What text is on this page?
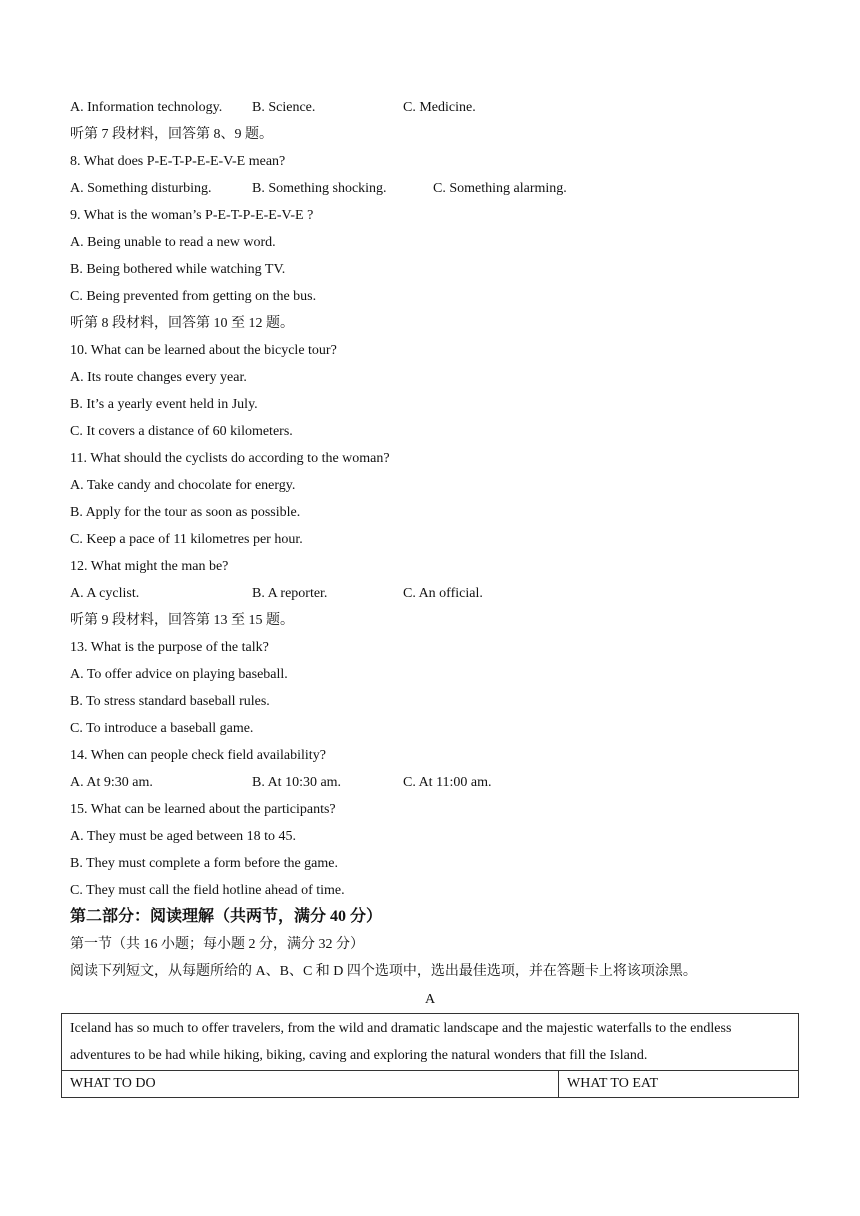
A. Information technology. B. Science.	C. Medicine.
听第 7 段材料，回答第 8、9 题。
8. What does P-E-T-P-E-E-V-E mean?
A. Something disturbing.	B. Something shocking.	C. Something alarming.
9. What is the woman’s P-E-T-P-E-E-V-E ?
A. Being unable to read a new word.
B. Being bothered while watching TV.
C. Being prevented from getting on the bus.
听第 8 段材料，回答第 10 至 12 题。
10. What can be learned about the bicycle tour?
A. Its route changes every year.
B. It’s a yearly event held in July.
C. It covers a distance of 60 kilometers.
11. What should the cyclists do according to the woman?
A. Take candy and chocolate for energy.
B. Apply for the tour as soon as possible.
C. Keep a pace of 11 kilometres per hour.
12. What might the man be?
A. A cyclist.	B. A reporter.	C. An official.
听第 9 段材料，回答第 13 至 15 题。
13. What is the purpose of the talk?
A. To offer advice on playing baseball.
B. To stress standard baseball rules.
C. To introduce a baseball game.
14. When can people check field availability?
A. At 9:30 am.	B. At 10:30 am.	C. At 11:00 am.
15. What can be learned about the participants?
A. They must be aged between 18 to 45.
B. They must complete a form before the game.
C. They must call the field hotline ahead of time.
第二部分：阅读理解（共两节，满分 40 分）
第一节（共 16 小题；每小题 2 分，满分 32 分）
阅读下列短文，从每题所给的 A、B、C 和 D 四个选项中，选出最佳选项，并在答题卡上将该项涂黑。
A
Iceland has so much to offer travelers, from the wild and dramatic landscape and the majestic waterfalls to the endless adventures to be had while hiking, biking, caving and exploring the natural wonders that fill the Island.
WHAT TO DO	WHAT TO EAT
